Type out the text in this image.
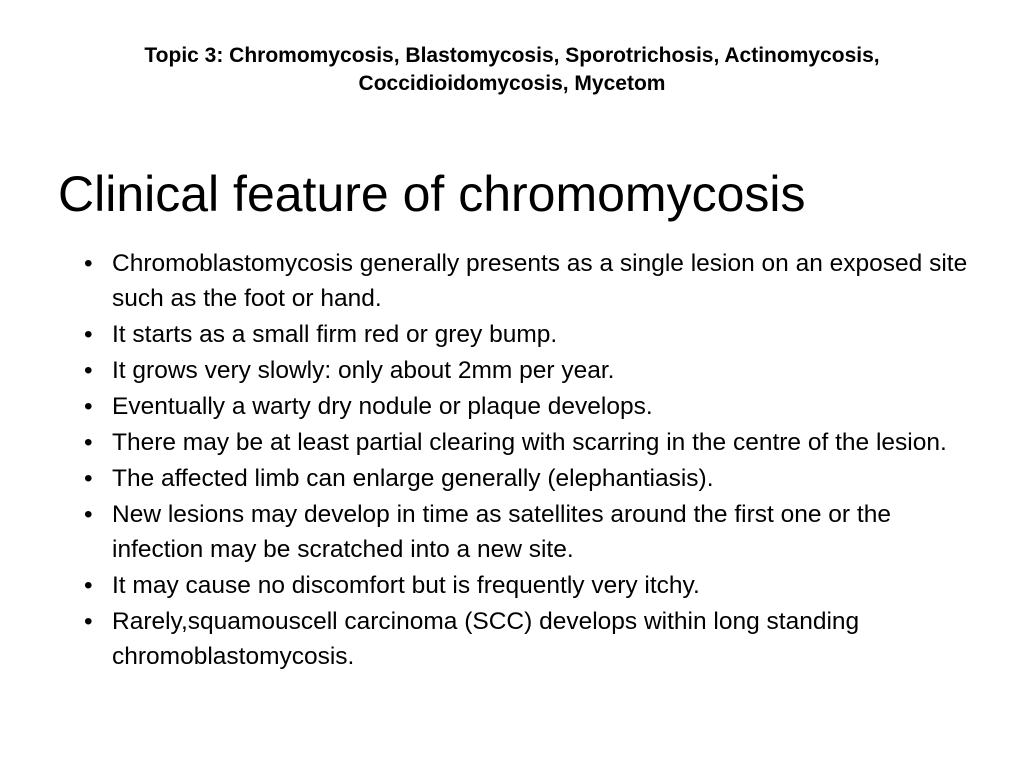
Topic 3: Chromomycosis, Blastomycosis, Sporotrichosis, Actinomycosis, Coccidioidomycosis, Mycetom
Clinical feature of chromomycosis
• Chromoblastomycosis generally presents as a single lesion on an exposed site such as the foot or hand.
• It starts as a small firm red or grey bump.
• It grows very slowly: only about 2mm per year.
• Eventually a warty dry nodule or plaque develops.
• There may be at least partial clearing with scarring in the centre of the lesion.
• The affected limb can enlarge generally (elephantiasis).
• New lesions may develop in time as satellites around the first one or the infection may be scratched into a new site.
• It may cause no discomfort but is frequently very itchy.
• Rarely,squamouscell carcinoma (SCC) develops within long standing chromoblastomycosis.
